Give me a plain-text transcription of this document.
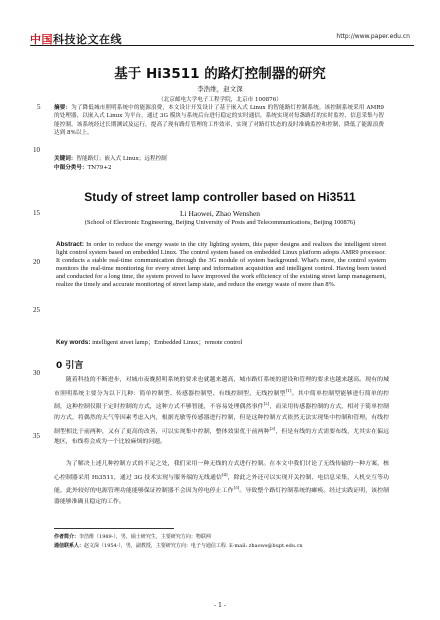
中国科技论文在线	http://www.paper.edu.cn
基于 Hi3511 的路灯控制器的研究
李浩维，赵文深
（北京邮电大学电子工程学院，北京市 100876）
摘要：为了降低城市照明系统中的能源浪费，本文设计开发设计了基于嵌入式 Linux 的智能路灯控制系统。该控制系统采用 AMR9 的处理器，以嵌入式 Linux 为平台，通过 3G 模块与系统后台进行稳定的实时通信，系统实现对每盏路灯的实时监控、信息采集与智能控制。该系统经过长期测试及运行，提高了现有路灯管理的工作效率，实现了对路灯状态的及时准确监控和控制，降低了能源浪费达到 8%以上。
关键词：智能路灯；嵌入式 Linux；远程控制
中图分类号：TN79+2
Study of street lamp controller based on Hi3511
Li Haowei, Zhao Wenshen
(School of Electronic Engineering, Beijing University of Posts and Telecommunications, Beijing 100876)
Abstract: In order to reduce the energy waste in the city lighting system, this paper designs and realizes the intelligent street light control system based on embedded Linux. The control system based on embedded Linux platform adopts AMR9 processor. It conducts a stable real-time communication through the 3G module of system background. What's more, the control system monitors the real-time monitoring for every street lamp and information acquisition and intelligent control. Having been tested and conducted for a long time, the system proved to have improved the work efficiency of the existing street lamp management, realize the timely and accurate monitoring of street lamp state, and reduce the energy waste of more than 8%.
Key words: intelligent street lamp；Embedded Linux；remote control
0 引言
随着科技的不断进步，对城市夜晚照明系统的要求也就越来越高，城市路灯系统的建设和管理的要求也越来越高。现有的城市照明系统主要分为以下几种：简单控制型、传感器控制型、有线控制型、无线控制型[1]。其中简单控制型能够进行简单的控制，这种控制仅限于定时控制的方式，这种方式不够智能，不容易处理偶然事件[2]，而采用传感器控制的方式，相对于简单控制的方式，将偶然的天气等因素考虑入内，根据光敏等传感器进行控制，但是这种控制方式依然无法实现集中控制和管理。有线控制型相比于前两种，又有了更高的改善，可以实现集中控制，整体效果优于前两种[3]，但是有线的方式需要布线，尤其实在偏远地区，布线将会成为一个比较麻烦的问题。
为了解决上述几种控制方式的不足之处，我们采用一种无线的方式进行控制。在本文中我们讨论了无线传输的一种方案，核心控制器采用 Hi3511，通过 3G 技术实现与服务端的无线通信[4]，除此之外还可以实现开关控制、电信息采集，人机交互等功能，此外较好的电源管理功能能够保证控制器不会因为停电停止工作[5]。导致整个路灯控制系统的瘫痪。经过实践证明，该控制器能够准确且稳定的工作。
作者简介：李浩维（1989-），男，硕士研究生，主要研究方向：物联网
通信联系人：赵文深（1954-），男，副教授，主要研究方向：电子与通信工程. E-mail: zhaows@bupt.edu.cn
5
10
15
20
25
30
35
- 1 -
